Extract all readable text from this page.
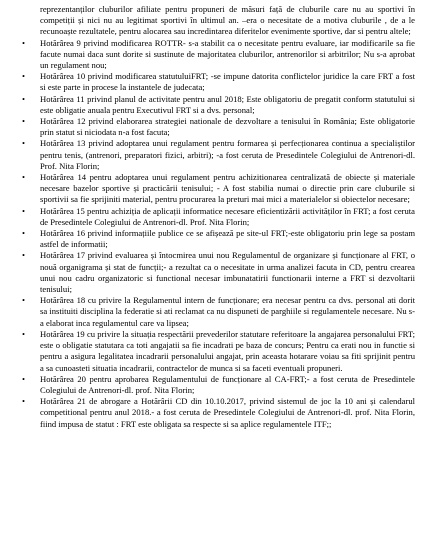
reprezentanților cluburilor afiliate pentru propuneri de măsuri față de cluburile care nu au sportivi în competiții și nici nu au legitimat sportivi în ultimul an. –era o necesitate de a motiva cluburile , de a le recunoaște rezultatele, pentru alocarea sau incredintarea diferitelor evenimente sportive, dar si pentru altele;

•	Hotărârea 9 privind modificarea ROTTR- s-a stabilit ca o necesitate pentru evaluare, iar modificarile sa fie facute numai daca sunt dorite si sustinute de majoritatea cluburilor, antrenorilor si arbitrilor; Nu s-a aprobat un regulament nou;
•	Hotărârea 10 privind modificarea statutuluiFRT; -se impune datorita conflictelor juridice la care FRT a fost si este parte in procese la instantele de judecata;
•	Hotărârea 11 privind planul de activitate pentru anul 2018; Este obligatoriu de pregatit conform statutului si este obligatie anuala pentru Executivul FRT si a dvs. personal;
•	Hotărârea 12 privind elaborarea strategiei nationale de dezvoltare a tenisului în România; Este obligatorie prin statut si niciodata n-a fost facuta;
•	Hotărârea 13 privind adoptarea unui regulament pentru formarea și perfecționarea continua a specialiștilor pentru tenis, (antrenori, preparatori fizici, arbitri); -a fost ceruta de Presedintele Colegiului de Antrenori-dl. Prof. Nita Florin;
•	Hotărârea 14 pentru adoptarea unui regulament pentru achizitionarea centralizată de obiecte și materiale necesare bazelor sportive și practicării tenisului; - A fost stabilia numai o directie prin care cluburile si sportivii sa fie sprijiniti material, pentru procurarea la preturi mai mici a materialelor si obiectelor necesare;
•	Hotărârea 15 pentru achiziția de aplicații informatice necesare eficientizării activităților în FRT; a fost ceruta de Presedintele Colegiului de Antrenori-dl. Prof. Nita Florin;
•	Hotărârea 16 privind informațiile publice ce se afișează pe site-ul FRT;-este obligatoriu prin lege sa postam astfel de informatii;
•	Hotărârea 17 privind evaluarea și întocmirea unui nou Regulamentul de organizare și funcționare al FRT, o nouă organigrama și stat de funcții;- a rezultat ca o necesitate in urma analizei facuta in CD, pentru crearea unui nou cadru organizatoric si functional necesar imbunatatirii functionarii interne a FRT si dezvoltarii tenisului;
•	Hotărârea 18 cu privire la Regulamentul intern de funcționare; era necesar pentru ca dvs. personal ati dorit sa instituiti disciplina la federatie si ati reclamat ca nu dispuneti de parghiile si regulamentele necesare. Nu s-a elaborat inca regulamentul care va lipsea;
•	Hotărârea 19 cu privire la situația respectării prevederilor statutare referitoare la angajarea personalului FRT; este o obligatie statutara ca toti angajatii sa fie incadrati pe baza de concurs; Pentru ca erati nou in functie si pentru a asigura legalitatea incadrarii personalului angajat, prin aceasta hotarare voiau sa fiti sprijinit pentru a sa cunoasteti situatia incadrarii, contractelor de munca si sa faceti eventuali propuneri.
•	Hotărârea 20 pentru aprobarea Regulamentului de funcționare al CA-FRT;- a fost ceruta de Presedintele Colegiului de Antrenori-dl. prof. Nita Florin;
•	Hotărârea 21 de abrogare a Hotărârii CD din 10.10.2017, privind sistemul de joc la 10 ani și calendarul competitional pentru anul 2018.- a fost ceruta de Presedintele Colegiului de Antrenori-dl. prof. Nita Florin, fiind impusa de statut : FRT este obligata sa respecte si sa aplice regulamentele ITF;;
